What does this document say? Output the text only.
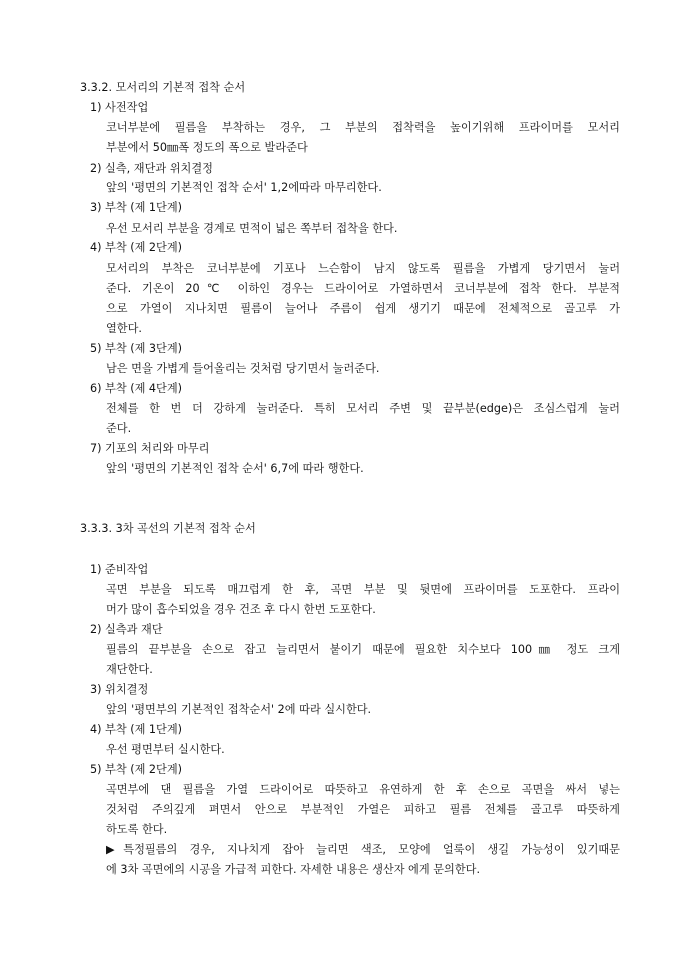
3.3.2. 모서리의 기본적 접착 순서
1) 사전작업
코너부분에 필름을 부착하는 경우, 그 부분의 접착력을 높이기위해 프라이머를 모서리
부분에서 50㎜폭 정도의 폭으로 발라준다
2) 실측, 재단과 위치결정
앞의 '평면의 기본적인 접착 순서' 1,2에따라 마무리한다.
3) 부착 (제 1단계)
우선 모서리 부분을 경계로 면적이 넓은 쪽부터 접착을 한다.
4) 부착 (제 2단계)
모서리의 부착은 코너부분에 기포나 느슨함이 남지 않도록 필름을 가볍게 당기면서 눌러
준다. 기온이 20℃ 이하인 경우는 드라이어로 가열하면서 코너부분에 접착 한다. 부분적
으로 가열이 지나치면 필름이 늘어나 주름이 쉽게 생기기 때문에 전체적으로 골고루 가
열한다.
5) 부착 (제 3단계)
남은 면을 가볍게 들어올리는 것처럼 당기면서 눌러준다.
6) 부착 (제 4단계)
전체를 한 번 더 강하게 눌러준다. 특히 모서리 주변 및 끝부분(edge)은 조심스럽게 눌러
준다.
7) 기포의 처리와 마무리
앞의 '평면의 기본적인 접착 순서' 6,7에 따라 행한다.
3.3.3. 3차 곡선의 기본적 접착 순서
1) 준비작업
곡면 부분을 되도록 매끄럽게 한 후, 곡면 부분 및 뒷면에 프라이머를 도포한다. 프라이
머가 많이 흡수되었을 경우 건조 후 다시 한번 도포한다.
2) 실측과 재단
필름의 끝부분을 손으로 잡고 늘리면서 붙이기 때문에 필요한 치수보다 100㎜ 정도 크게
재단한다.
3) 위치결정
앞의 '평면부의 기본적인 접착순서' 2에 따라 실시한다.
4) 부착 (제 1단계)
우선 평면부터 실시한다.
5) 부착 (제 2단계)
곡면부에 댄 필름을 가열 드라이어로 따뜻하고 유연하게 한 후 손으로 곡면을 싸서 넣는
것처럼 주의깊게 펴면서 안으로 부분적인 가열은 피하고 필름 전체를 골고루 따뜻하게
하도록 한다.
▶특정필름의 경우, 지나치게 잡아 늘리면 색조, 모양에 얼룩이 생길 가능성이 있기때문
에 3차 곡면에의 시공을 가급적 피한다. 자세한 내용은 생산자 에게 문의한다.
